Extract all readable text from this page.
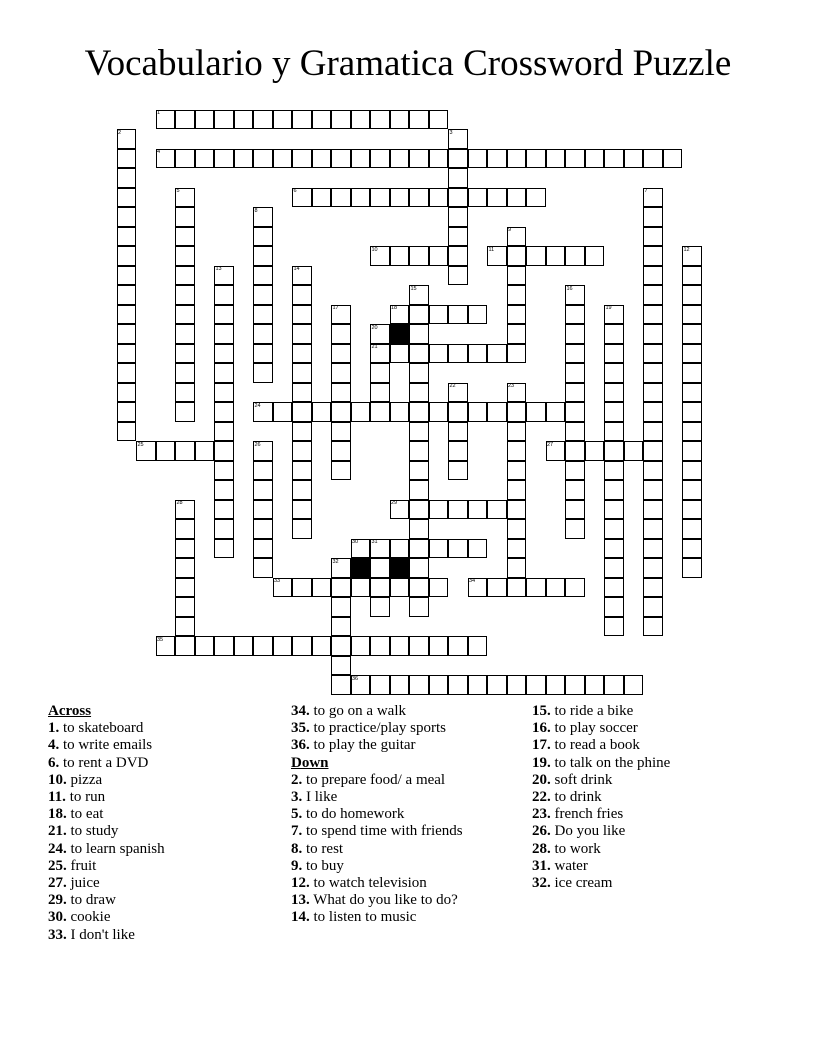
Vocabulario y Gramatica Crossword Puzzle
1
2	3
4
5	6	7
8
9
10	11	12
13	14
15	16
17	18	19
20
21
22	23
24
25	26	27
28	29
30 31
32
33	34
35
36
Across
1. to skateboard
4. to write emails
6. to rent a DVD
10. pizza
11. to run
18. to eat
21. to study
24. to learn spanish
25. fruit
27. juice
29. to draw
30. cookie
33. I don't like
34. to go on a walk
35. to practice/play sports
36. to play the guitar
Down
2. to prepare food/ a meal
3. I like
5. to do homework
7. to spend time with friends
8. to rest
9. to buy
12. to watch television
13. What do you like to do?
14. to listen to music
15. to ride a bike
16. to play soccer
17. to read a book
19. to talk on the phine
20. soft drink
22. to drink
23. french fries
26. Do you like
28. to work
31. water
32. ice cream
